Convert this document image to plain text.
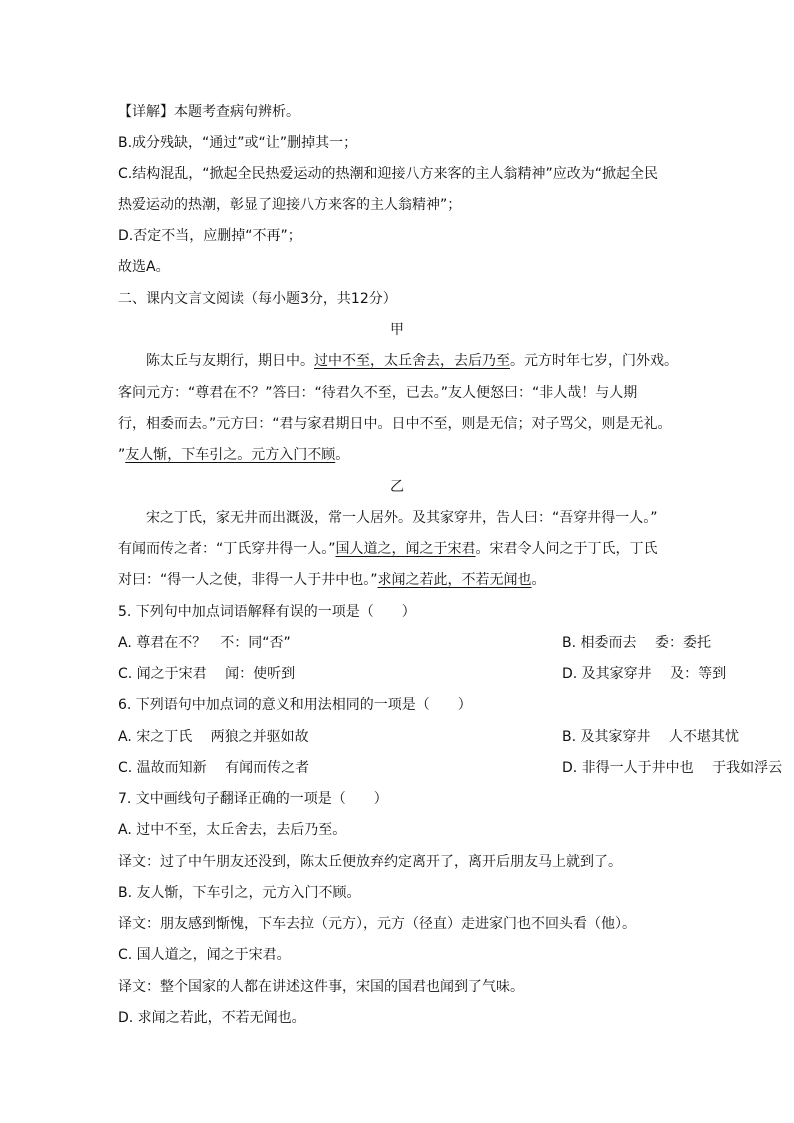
【详解】本题考查病句辨析。
B.成分残缺，“通过”或“让”删掉其一；
C.结构混乱，“掀起全民热爱运动的热潮和迎接八方来客的主人翁精神”应改为“掀起全民
热爱运动的热潮，彰显了迎接八方来客的主人翁精神”；
D.否定不当，应删掉“不再”；
故选A。
二、课内文言文阅读（每小题3分，共12分）
甲
陈太丘与友期行，期日中。过中不至，太丘舍去，去后乃至。元方时年七岁，门外戏。
客问元方：“尊君在不？”答曰：“待君久不至，已去。”友人便怒曰：“非人哉！与人期
行，相委而去。”元方曰：“君与家君期日中。日中不至，则是无信；对子骂父，则是无礼。
”友人惭，下车引之。元方入门不顾。
乙
宋之丁氏，家无井而出溉汲，常一人居外。及其家穿井，告人曰：“吾穿井得一人。”
有闻而传之者：“丁氏穿井得一人。”国人道之，闻之于宋君。宋君令人问之于丁氏，丁氏
对曰：“得一人之使，非得一人于井中也。”求闻之若此，不若无闻也。
5. 下列句中加点词语解释有误的一项是（　　）
A. 尊君在不？　不：同“否”	B. 相委而去　 委：委托
C. 闻之于宋君　 闻：使听到	D. 及其家穿井　 及：等到
6. 下列语句中加点词的意义和用法相同的一项是（　　）
A. 宋之丁氏　 两狼之并驱如故	B. 及其家穿井　 人不堪其忧
C. 温故而知新　 有闻而传之者	D. 非得一人于井中也　 于我如浮云
7. 文中画线句子翻译正确的一项是（　　）
A. 过中不至，太丘舍去，去后乃至。
译文：过了中午朋友还没到，陈太丘便放弃约定离开了，离开后朋友马上就到了。
B. 友人惭，下车引之，元方入门不顾。
译文：朋友感到惭愧，下车去拉（元方），元方（径直）走进家门也不回头看（他）。
C. 国人道之，闻之于宋君。
译文：整个国家的人都在讲述这件事，宋国的国君也闻到了气味。
D. 求闻之若此，不若无闻也。
